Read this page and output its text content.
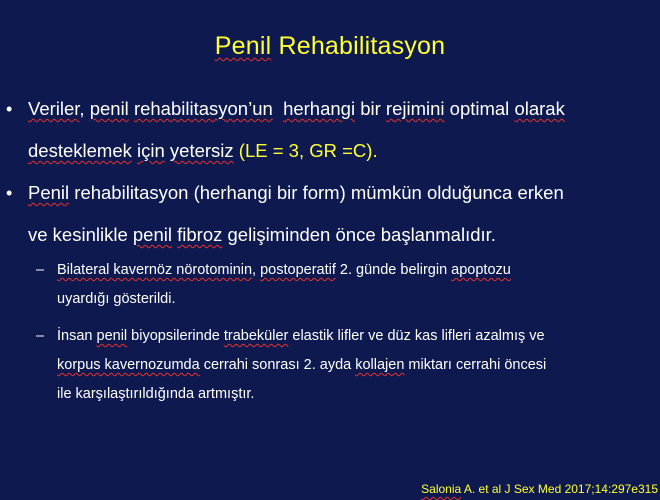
Penil Rehabilitasyon
• Veriler, penil rehabilitasyon’un herhangi bir rejimini optimal olarak
desteklemek için yetersiz (LE = 3, GR =C).
• Penil rehabilitasyon (herhangi bir form) mümkün olduğunca erken
ve kesinlikle penil fibroz gelişiminden önce başlanmalıdır.
– Bilateral kavernöz nörotominin, postoperatif 2. günde belirgin apoptozu
uyardığı gösterildi.
– İnsan penil biyopsilerinde trabeküler elastik lifler ve düz kas lifleri azalmış ve
korpus kavernozumda cerrahi sonrası 2. ayda kollajen miktarı cerrahi öncesi
ile karşılaştırıldığında artmıştır.
Salonia A. et al J Sex Med 2017;14:297e315
